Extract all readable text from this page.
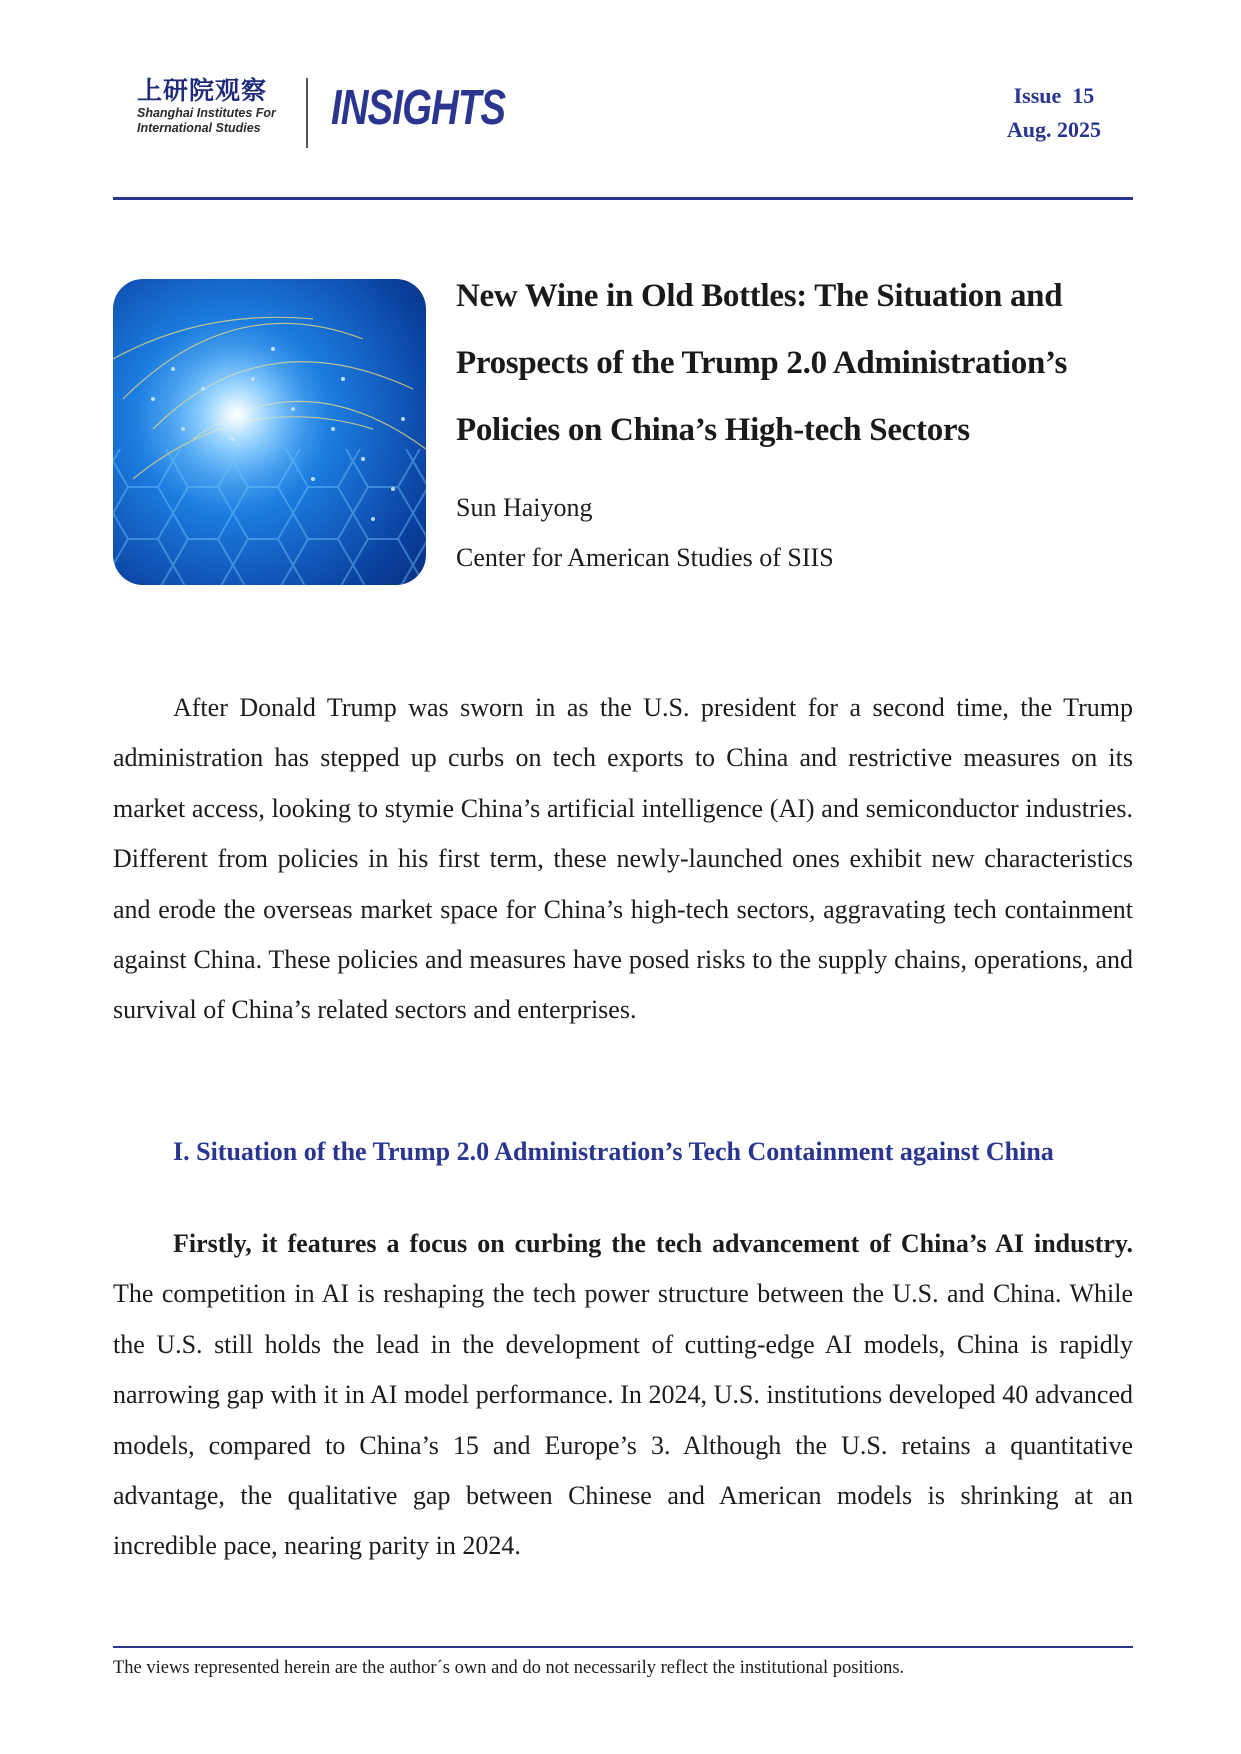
上研院观察
Shanghai Institutes For
International Studies	INSIGHTS	Issue  15
Aug. 2025
New Wine in Old Bottles: The Situation and Prospects of the Trump 2.0 Administration’s Policies on China’s High-tech Sectors
Sun Haiyong
Center for American Studies of SIIS
After Donald Trump was sworn in as the U.S. president for a second time, the Trump administration has stepped up curbs on tech exports to China and restrictive measures on its market access, looking to stymie China’s artificial intelligence (AI) and semiconductor industries. Different from policies in his first term, these newly-launched ones exhibit new characteristics and erode the overseas market space for China’s high-tech sectors, aggravating tech containment against China. These policies and measures have posed risks to the supply chains, operations, and survival of China’s related sectors and enterprises.
I. Situation of the Trump 2.0 Administration’s Tech Containment against China
Firstly, it features a focus on curbing the tech advancement of China’s AI industry. The competition in AI is reshaping the tech power structure between the U.S. and China. While the U.S. still holds the lead in the development of cutting-edge AI models, China is rapidly narrowing gap with it in AI model performance. In 2024, U.S. institutions developed 40 advanced models, compared to China’s 15 and Europe’s 3. Although the U.S. retains a quantitative advantage, the qualitative gap between Chinese and American models is shrinking at an incredible pace, nearing parity in 2024.
The views represented herein are the author´s own and do not necessarily reflect the institutional positions.
